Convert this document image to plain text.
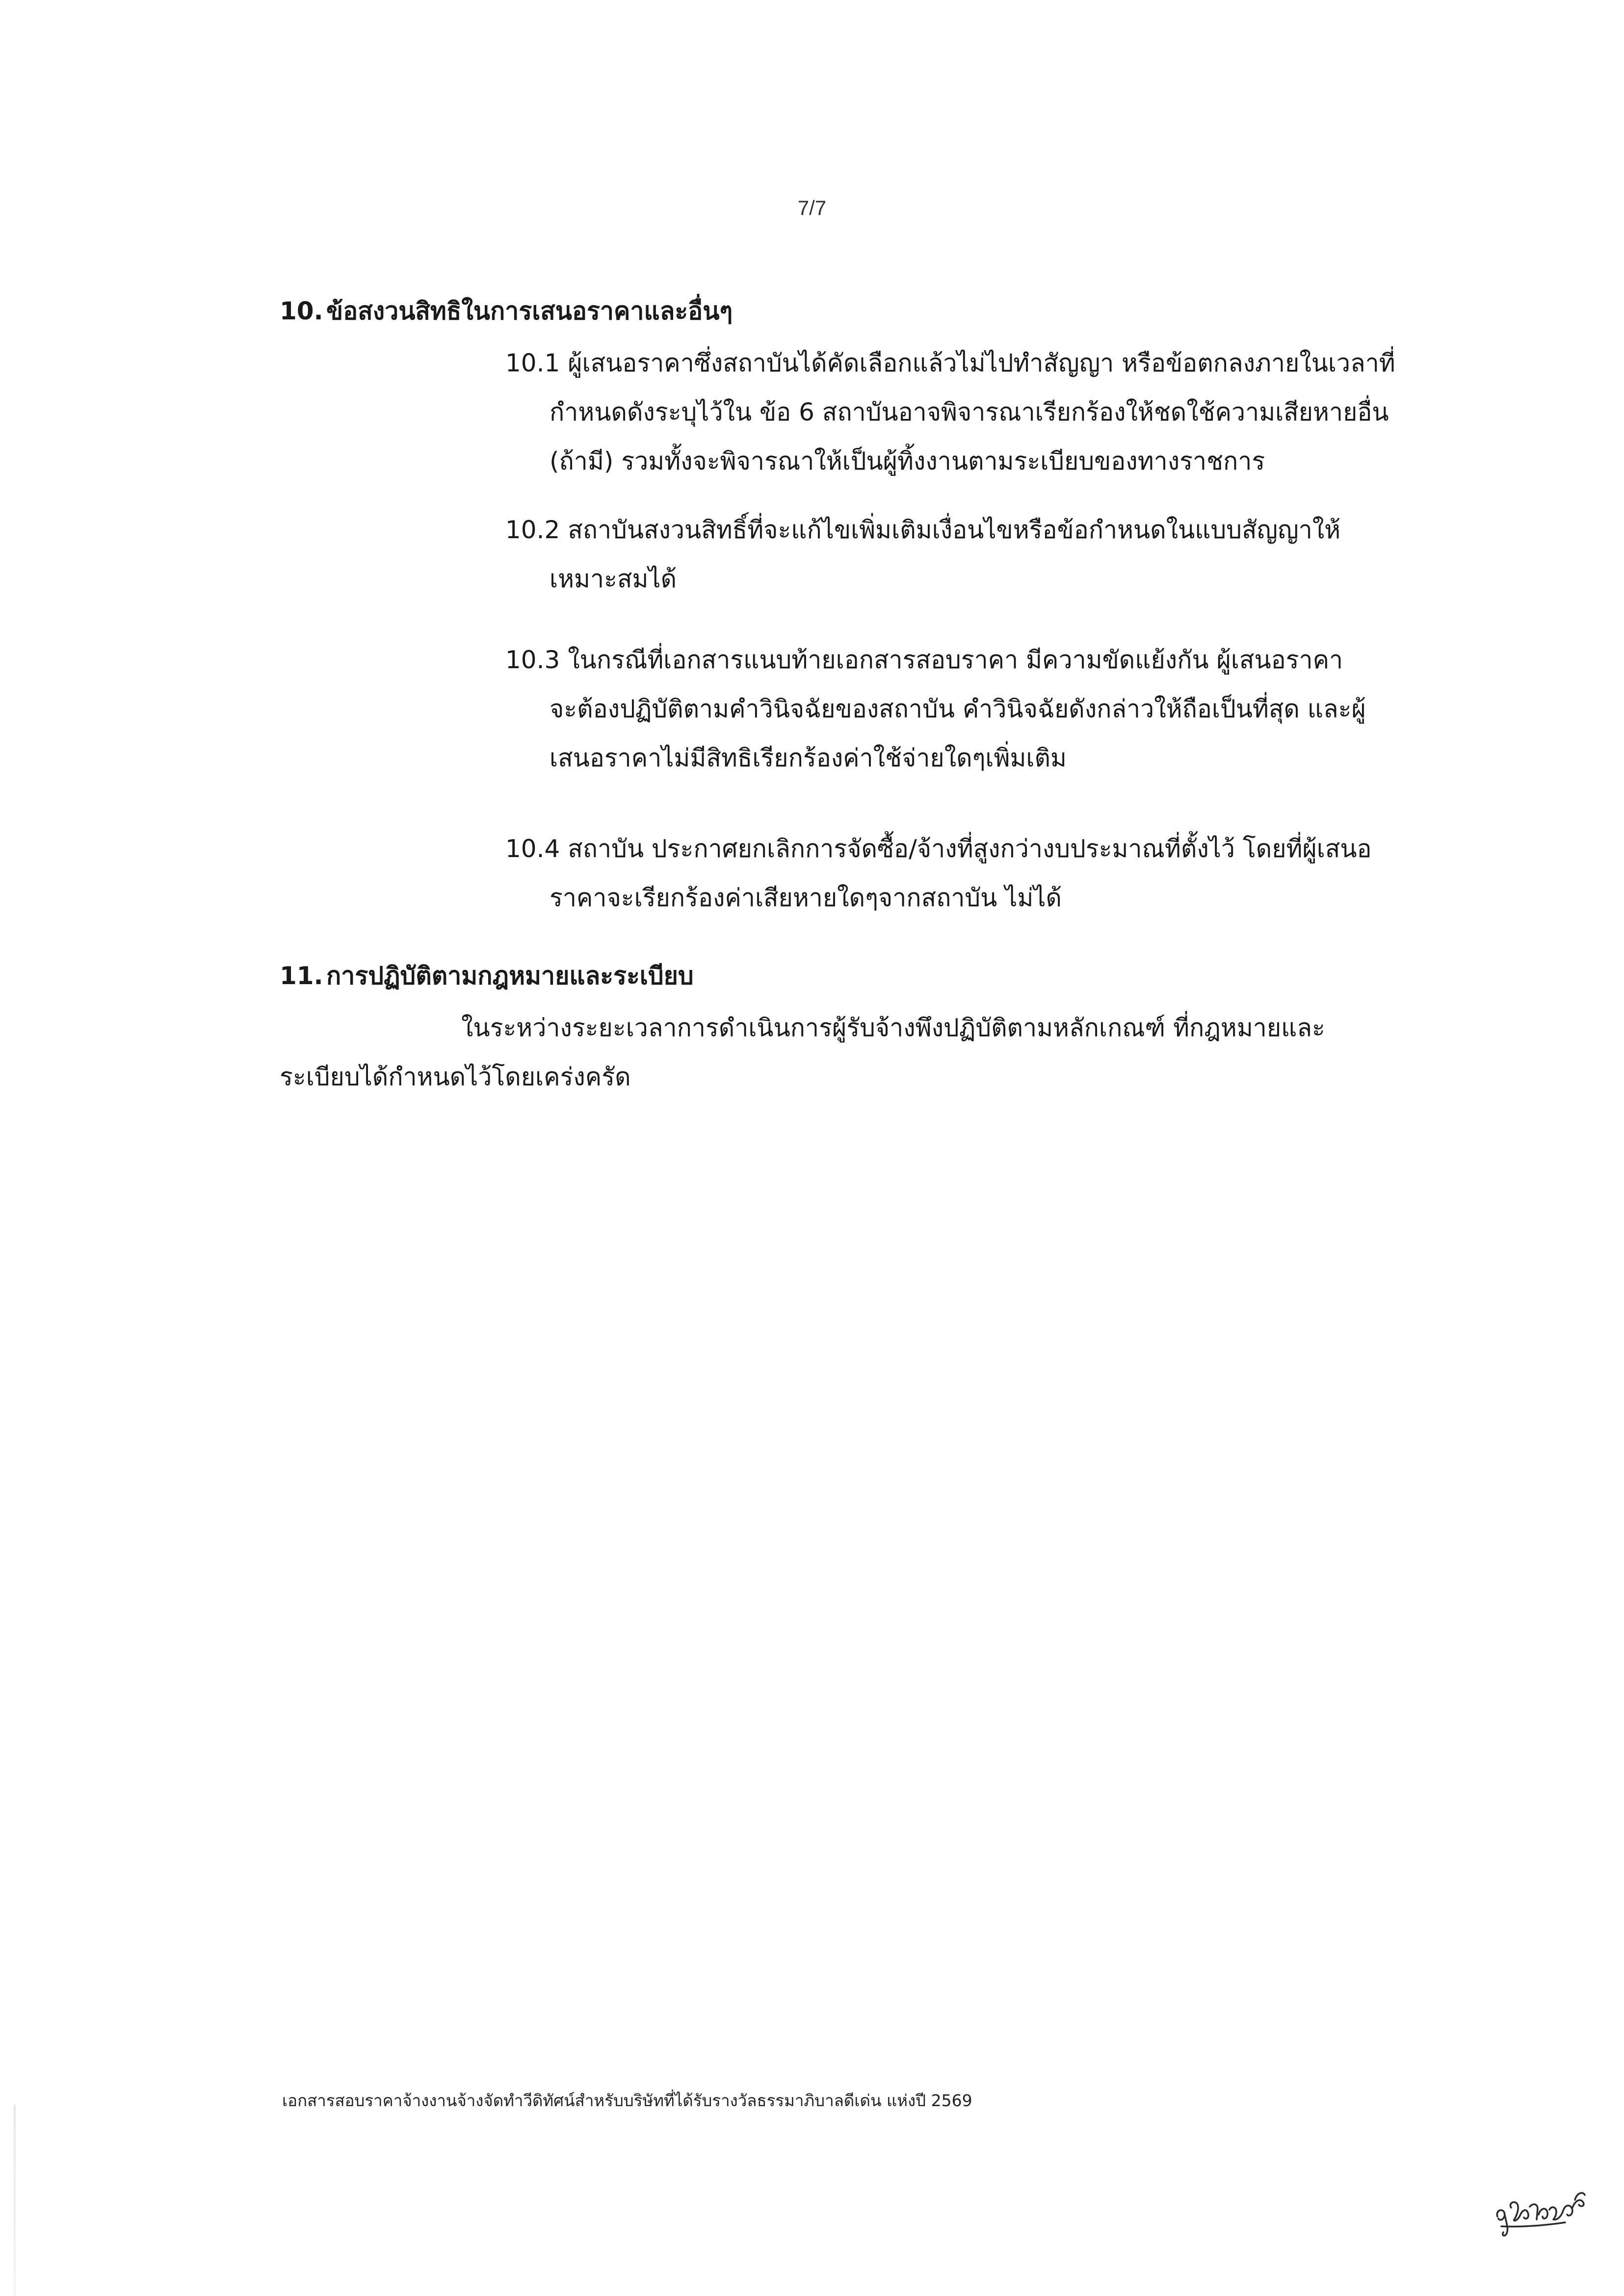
7/7
10. ข้อสงวนสิทธิในการเสนอราคาและอื่นๆ
10.1 ผู้เสนอราคาซึ่งสถาบันได้คัดเลือกแล้วไม่ไปทำสัญญา หรือข้อตกลงภายในเวลาที่
กำหนดดังระบุไว้ใน ข้อ 6 สถาบันอาจพิจารณาเรียกร้องให้ชดใช้ความเสียหายอื่น
(ถ้ามี) รวมทั้งจะพิจารณาให้เป็นผู้ทิ้งงานตามระเบียบของทางราชการ
10.2 สถาบันสงวนสิทธิ์ที่จะแก้ไขเพิ่มเติมเงื่อนไขหรือข้อกำหนดในแบบสัญญาให้
เหมาะสมได้
10.3 ในกรณีที่เอกสารแนบท้ายเอกสารสอบราคา มีความขัดแย้งกัน ผู้เสนอราคา
จะต้องปฏิบัติตามคำวินิจฉัยของสถาบัน คำวินิจฉัยดังกล่าวให้ถือเป็นที่สุด และผู้
เสนอราคาไม่มีสิทธิเรียกร้องค่าใช้จ่ายใดๆเพิ่มเติม
10.4 สถาบัน ประกาศยกเลิกการจัดซื้อ/จ้างที่สูงกว่างบประมาณที่ตั้งไว้ โดยที่ผู้เสนอ
ราคาจะเรียกร้องค่าเสียหายใดๆจากสถาบัน ไม่ได้
11. การปฏิบัติตามกฎหมายและระเบียบ
ในระหว่างระยะเวลาการดำเนินการผู้รับจ้างพึงปฏิบัติตามหลักเกณฑ์ ที่กฎหมายและ
ระเบียบได้กำหนดไว้โดยเคร่งครัด
เอกสารสอบราคาจ้างงานจ้างจัดทำวีดิทัศน์สำหรับบริษัทที่ได้รับรางวัลธรรมาภิบาลดีเด่น แห่งปี 2569
